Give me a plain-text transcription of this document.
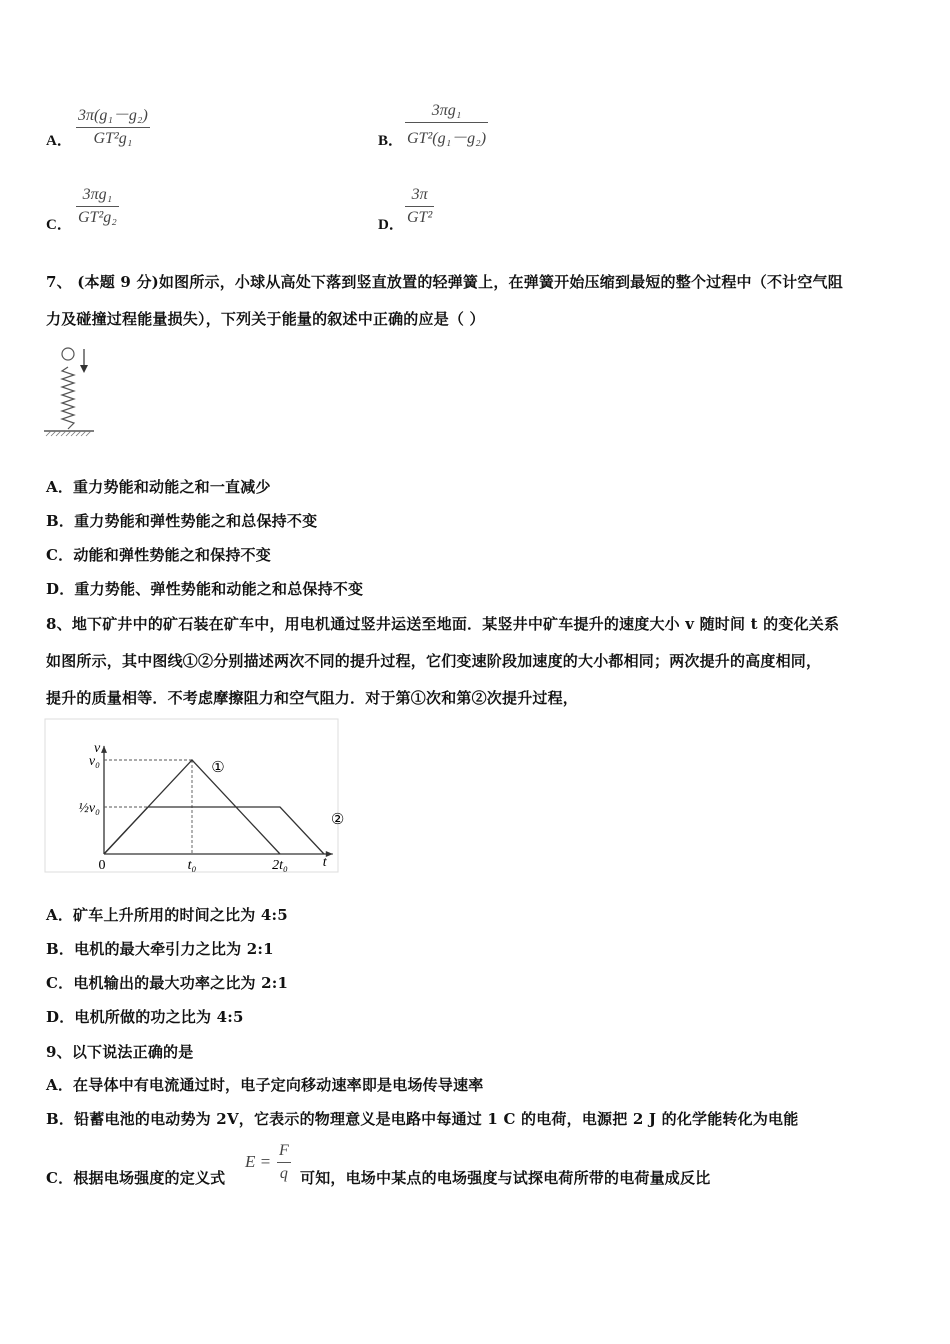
A．
3π(g₁－g₂)
GT²g₁	B．
3πg₁
GT²(g₁－g₂)
C．
3πg₁
GT²g₂	D．
3π
GT²
7、 (本题 9 分)如图所示，小球从高处下落到竖直放置的轻弹簧上，在弹簧开始压缩到最短的整个过程中（不计空气阻
力及碰撞过程能量损失），下列关于能量的叙述中正确的应是（ ）
A．重力势能和动能之和一直减少
B．重力势能和弹性势能之和总保持不变
C．动能和弹性势能之和保持不变
D．重力势能、弹性势能和动能之和总保持不变
8、地下矿井中的矿石装在矿车中，用电机通过竖井运送至地面．某竖井中矿车提升的速度大小 v 随时间 t 的变化关系
如图所示，其中图线①②分别描述两次不同的提升过程，它们变速阶段加速度的大小都相同；两次提升的高度相同，
提升的质量相等．不考虑摩擦阻力和空气阻力．对于第①次和第②次提升过程，
v
t
①
②
0	t₀	2t₀
½v₀
v₀
A．矿车上升所用的时间之比为 4:5
B．电机的最大牵引力之比为 2:1
C．电机输出的最大功率之比为 2:1
D．电机所做的功之比为 4:5
9、以下说法正确的是
A．在导体中有电流通过时，电子定向移动速率即是电场传导速率
B．铅蓄电池的电动势为 2V，它表示的物理意义是电路中每通过 1 C 的电荷，电源把 2 J 的化学能转化为电能
C．根据电场强度的定义式
E =
F
q 可知，电场中某点的电场强度与试探电荷所带的电荷量成反比
